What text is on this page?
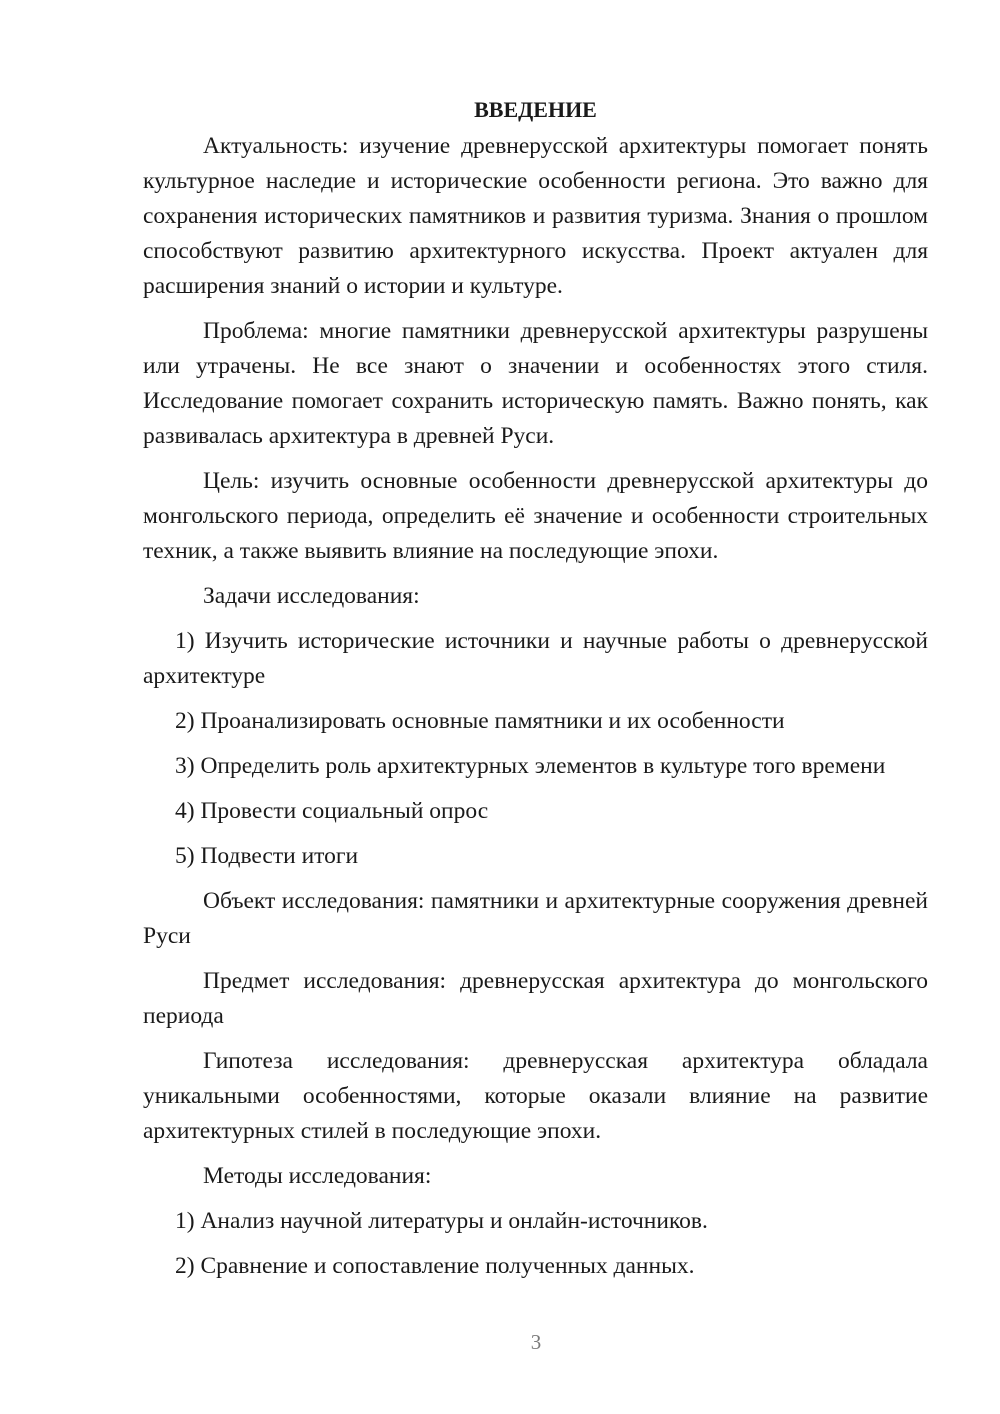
ВВЕДЕНИЕ

Актуальность: изучение древнерусской архитектуры помогает понять культурное наследие и исторические особенности региона. Это важно для сохранения исторических памятников и развития туризма. Знания о прошлом способствуют развитию архитектурного искусства. Проект актуален для расширения знаний о истории и культуре.

Проблема: многие памятники древнерусской архитектуры разрушены или утрачены. Не все знают о значении и особенностях этого стиля. Исследование помогает сохранить историческую память. Важно понять, как развивалась архитектура в древней Руси.

Цель: изучить основные особенности древнерусской архитектуры до монгольского периода, определить её значение и особенности строительных техник, а также выявить влияние на последующие эпохи.

Задачи исследования:

1) Изучить исторические источники и научные работы о древнерусской архитектуре

2) Проанализировать основные памятники и их особенности

3) Определить роль архитектурных элементов в культуре того времени

4) Провести социальный опрос

5) Подвести итоги

Объект исследования: памятники и архитектурные сооружения древней Руси

Предмет исследования: древнерусская архитектура до монгольского периода

Гипотеза исследования: древнерусская архитектура обладала уникальными особенностями, которые оказали влияние на развитие архитектурных стилей в последующие эпохи.

Методы исследования:

1) Анализ научной литературы и онлайн-источников.

2) Сравнение и сопоставление полученных данных.

3
